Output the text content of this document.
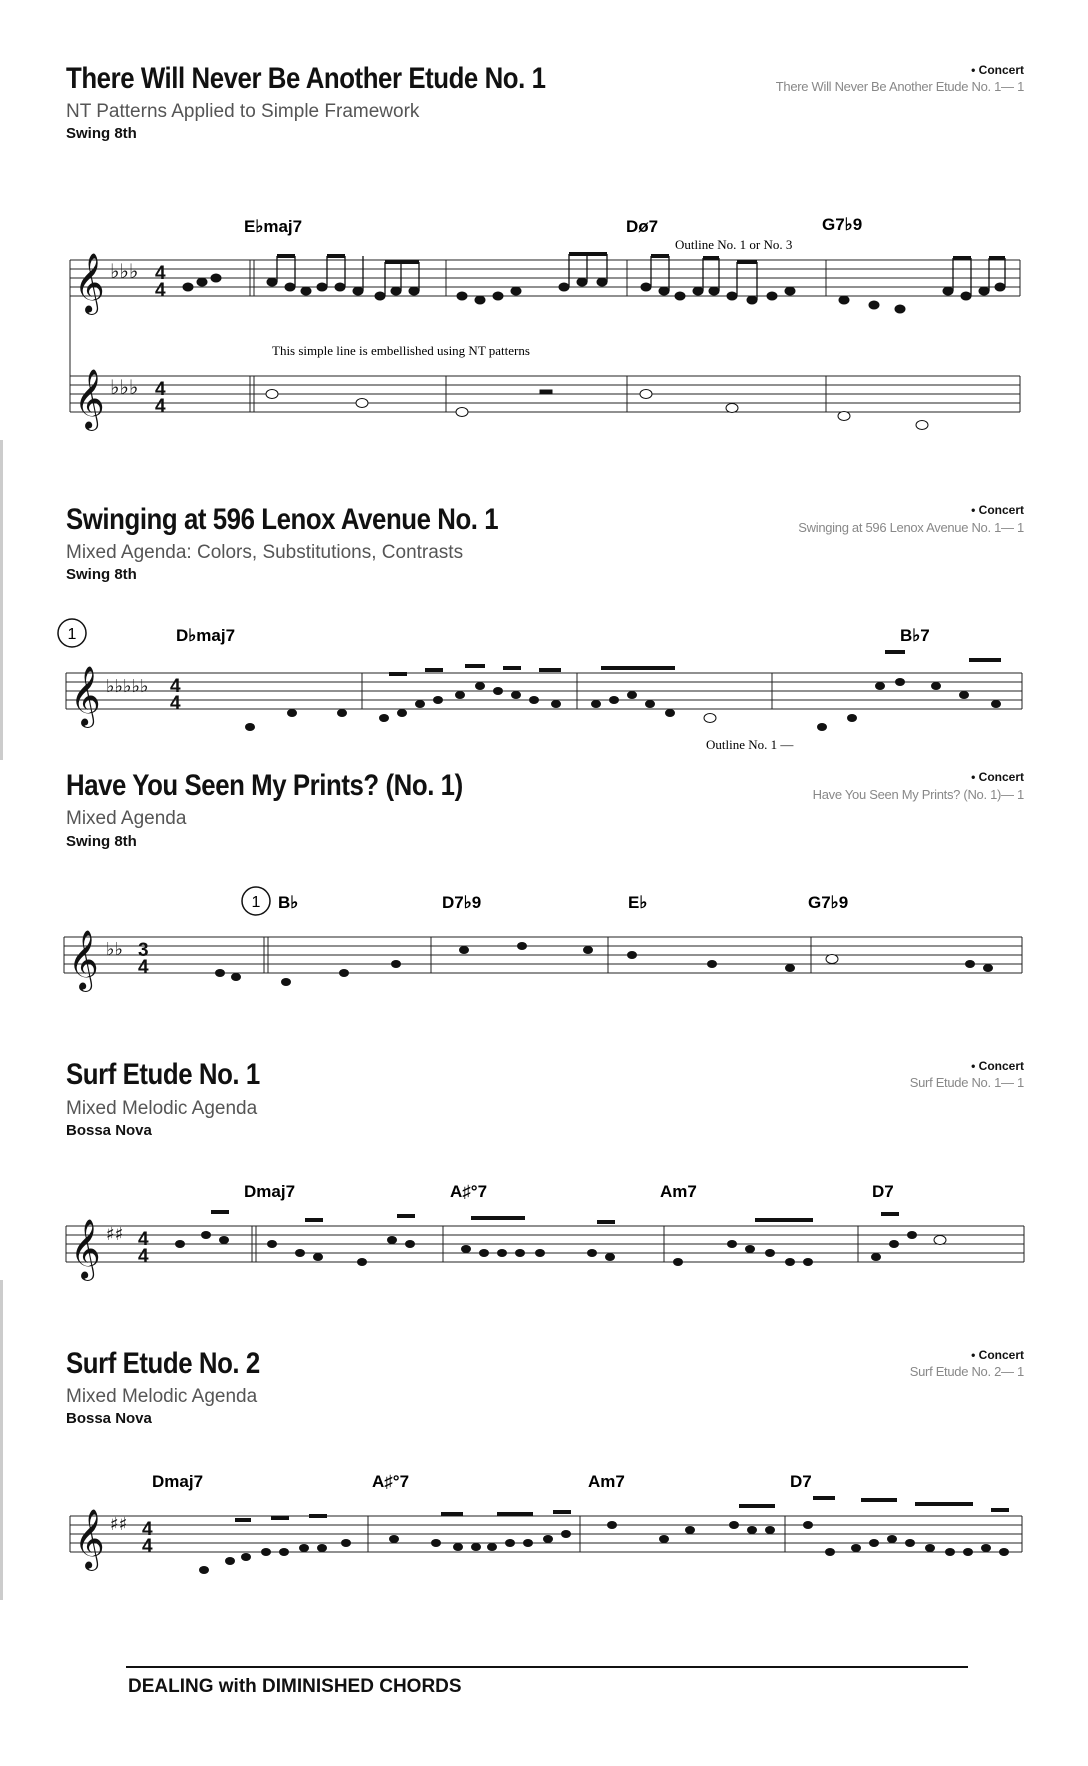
There Will Never Be Another Etude No. 1
NT Patterns Applied to Simple Framework
Swing 8th
• Concert
There Will Never Be Another Etude No. 1— 1
E♭maj7	Dø7	G7♭9
Outline No. 1 or No. 3
This simple line is embellished using NT patterns
𝄞
𝄞
♭♭♭
♭♭♭
4
4
4
4
Swinging at 596 Lenox Avenue No. 1
Mixed Agenda: Colors, Substitutions, Contrasts
Swing 8th
• Concert
Swinging at 596 Lenox Avenue No. 1— 1
1	D♭maj7	B♭7
Outline No. 1 —
𝄞 ♭♭♭♭♭ 4
4
Have You Seen My Prints? (No. 1)
Mixed Agenda
Swing 8th
• Concert
Have You Seen My Prints? (No. 1)— 1
1 B♭	D7♭9	E♭	G7♭9
𝄞 ♭♭ 3
4
Surf Etude No. 1
Mixed Melodic Agenda
Bossa Nova
• Concert
Surf Etude No. 1— 1
Dmaj7	A♯°7	Am7	D7
𝄞 ♯♯ 4
4
Surf Etude No. 2
Mixed Melodic Agenda
Bossa Nova
• Concert
Surf Etude No. 2— 1
Dmaj7	A♯°7	Am7	D7
𝄞 ♯♯ 4
4
DEALING with DIMINISHED CHORDS
